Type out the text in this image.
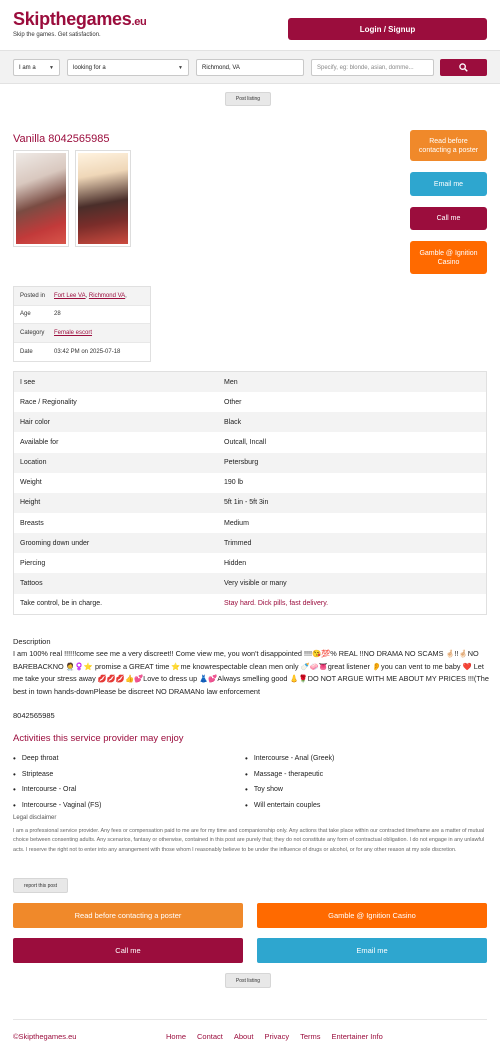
Skipthegames.eu
Skip the games. Get satisfaction.
Login / Signup
I am a	▼	looking for a	▼	Richmond, VA	Specify, eg: blonde, asian, domme...
Post listing
Vanilla 8042565985	Read before contacting a poster
Email me
Call me
Gamble @ Ignition Casino
Posted in	Fort Lee VA, Richmond VA,
Age	28
Category	Female escort
Date	03:42 PM on 2025-07-18
I see	Men
Race / Regionality	Other
Hair color	Black
Available for	Outcall, Incall
Location	Petersburg
Weight	190 lb
Height	5ft 1in - 5ft 3in
Breasts	Medium
Grooming down under	Trimmed
Piercing	Hidden
Tattoos	Very visible or many
Take control, be in charge.	Stay hard. Dick pills, fast delivery.
Description
I am 100% real !!!!!!come see me a very discreet!! Come view me, you won't disappointed !!!!😘💯% REAL !!NO DRAMA NO SCAMS 🤞🏻!!🤞🏻NO BAREBACKNO 🧑‍⚕️♀️⭐ promise a GREAT time ⭐me knowrespectable clean men only 🍼🧼👅great listener 👂you can vent to me baby ❤️ Let me take your stress away 💋💋💋👍💕Love to dress up 👗💕Always smelling good 👃🌹DO NOT ARGUE WITH ME ABOUT MY PRICES !!!(The best in town hands-downPlease be discreet NO DRAMANo law enforcement
8042565985
Activities this service provider may enjoy
• Deep throat
• Striptease
• Intercourse - Oral
• Intercourse - Vaginal (FS)
• Intercourse - Anal (Greek)
• Massage - therapeutic
• Toy show
• Will entertain couples
Legal disclaimer
I am a professional service provider. Any fees or compensation paid to me are for my time and companionship only. Any actions that take place within our contracted timeframe are a matter of mutual choice between consenting adults. Any scenarios, fantasy or otherwise, contained in this post are purely that; they do not constitute any form of contractual obligation. I do not engage in any unlawful acts. I reserve the right not to enter into any arrangement with those whom I reasonably believe to be under the influence of drugs or alcohol, or for any other reason at my sole discretion.
report this post
Read before contacting a poster	Gamble @ Ignition Casino
Call me	Email me
Post listing
©Skipthegames.eu	Home Contact About Privacy Terms Entertainer Info
